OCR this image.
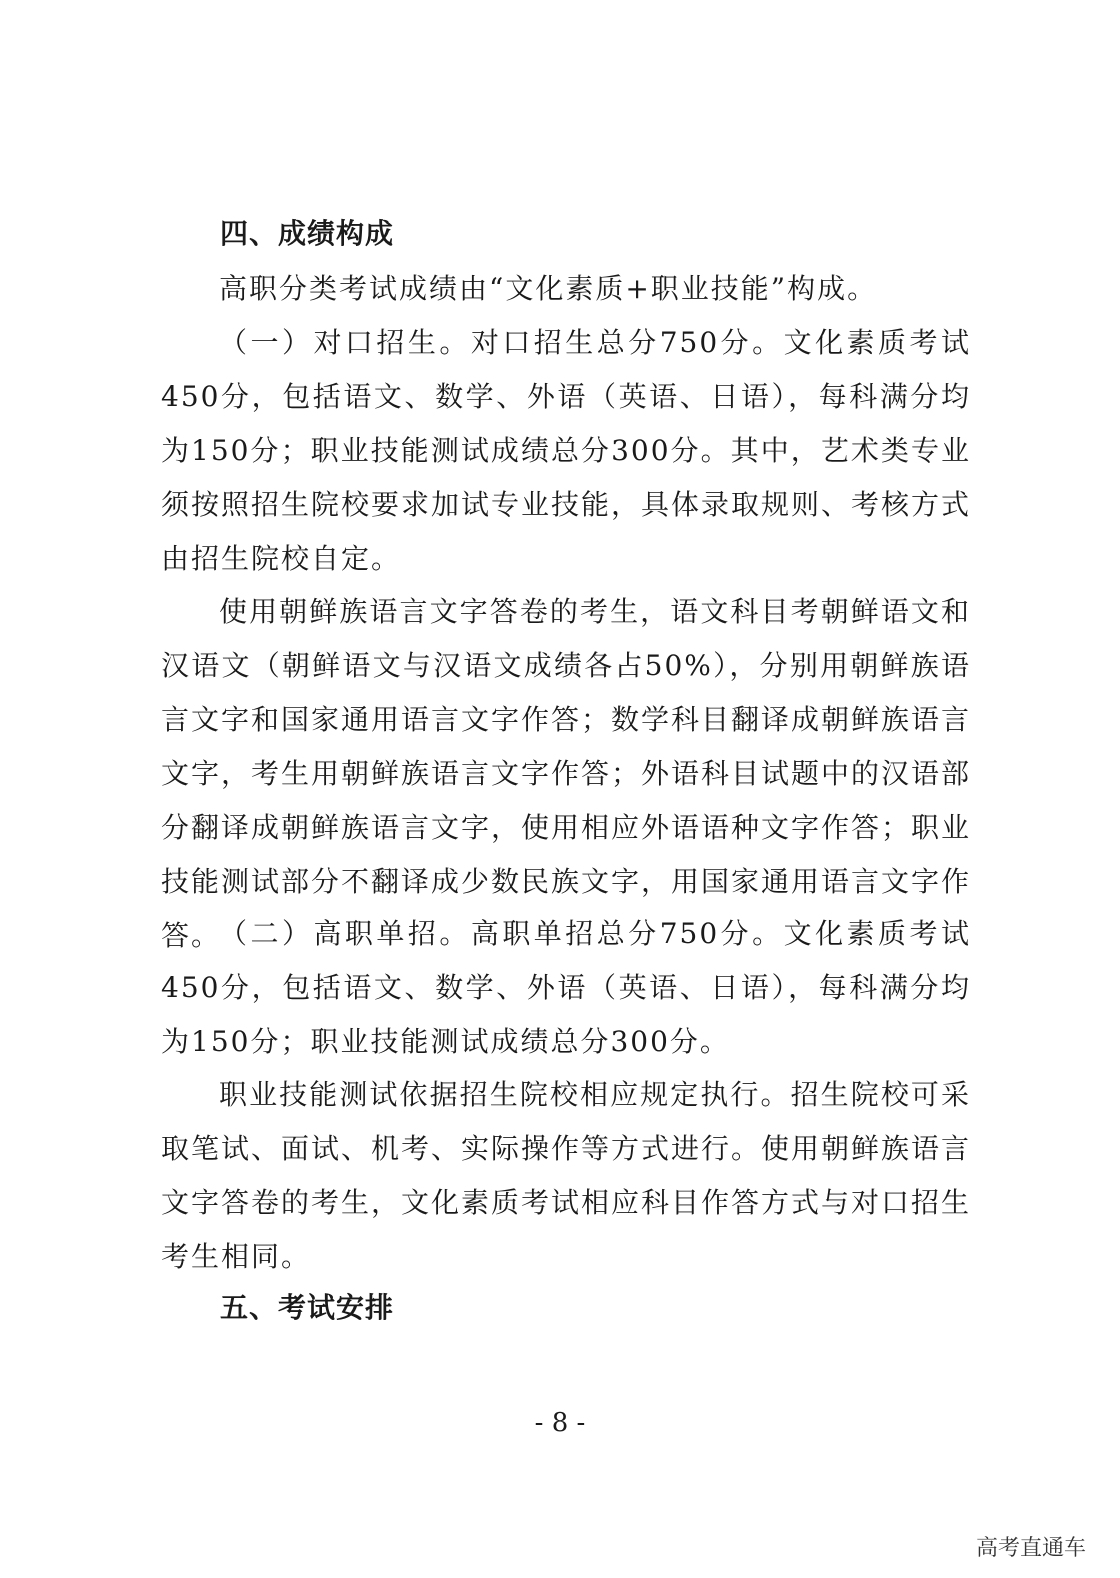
四、成绩构成

高职分类考试成绩由“文化素质+职业技能”构成。

（一）对口招生。对口招生总分750分。文化素质考试450分，包括语文、数学、外语（英语、日语），每科满分均为150分；职业技能测试成绩总分300分。其中，艺术类专业须按照招生院校要求加试专业技能，具体录取规则、考核方式由招生院校自定。

使用朝鲜族语言文字答卷的考生，语文科目考朝鲜语文和汉语文（朝鲜语文与汉语文成绩各占50%），分别用朝鲜族语言文字和国家通用语言文字作答；数学科目翻译成朝鲜族语言文字，考生用朝鲜族语言文字作答；外语科目试题中的汉语部分翻译成朝鲜族语言文字，使用相应外语语种文字作答；职业技能测试部分不翻译成少数民族文字，用国家通用语言文字作答。

（二）高职单招。高职单招总分750分。文化素质考试450分，包括语文、数学、外语（英语、日语），每科满分均为150分；职业技能测试成绩总分300分。

职业技能测试依据招生院校相应规定执行。招生院校可采取笔试、面试、机考、实际操作等方式进行。使用朝鲜族语言文字答卷的考生，文化素质考试相应科目作答方式与对口招生考生相同。

五、考试安排
- 8 -
高考直通车
